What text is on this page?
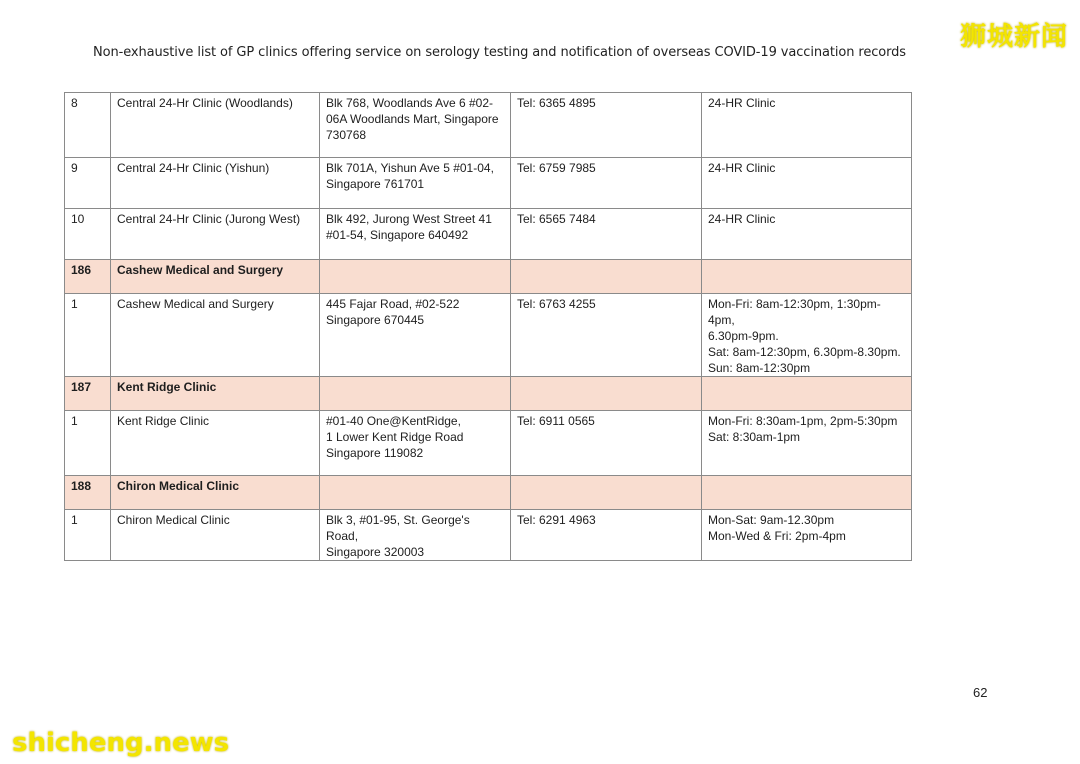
狮城新闻
Non-exhaustive list of GP clinics offering service on serology testing and notification of overseas COVID-19 vaccination records
8	Central 24-Hr Clinic (Woodlands)	Blk 768, Woodlands Ave 6 #02-
06A Woodlands Mart, Singapore
730768	Tel: 6365 4895	24-HR Clinic

9	Central 24-Hr Clinic (Yishun)	Blk 701A, Yishun Ave 5 #01-04,
Singapore 761701	Tel: 6759 7985	24-HR Clinic

10	Central 24-Hr Clinic (Jurong West)	Blk 492, Jurong West Street 41
#01-54, Singapore 640492	Tel: 6565 7484	24-HR Clinic

186	Cashew Medical and Surgery			
1	Cashew Medical and Surgery	445 Fajar Road, #02-522
Singapore 670445	Tel: 6763 4255	Mon-Fri: 8am-12:30pm, 1:30pm-4pm,
6.30pm-9pm.
Sat: 8am-12:30pm, 6.30pm-8.30pm.
Sun: 8am-12:30pm

187	Kent Ridge Clinic			
1	Kent Ridge Clinic	#01-40 One@KentRidge,
1 Lower Kent Ridge Road
Singapore 119082	Tel: 6911 0565	Mon-Fri: 8:30am-1pm, 2pm-5:30pm
Sat: 8:30am-1pm

188	Chiron Medical Clinic			
1	Chiron Medical Clinic	Blk 3, #01-95, St. George's Road,
Singapore 320003	Tel: 6291 4963	Mon-Sat: 9am-12.30pm
Mon-Wed & Fri: 2pm-4pm
62
shicheng.news
